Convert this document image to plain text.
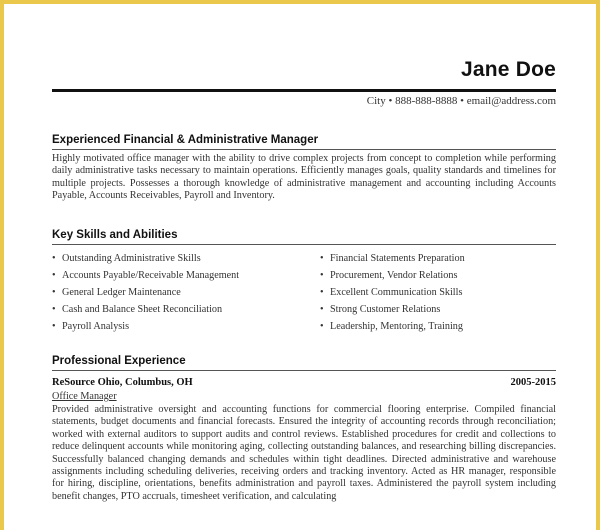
Jane Doe
City • 888-888-8888 • email@address.com
Experienced Financial & Administrative Manager

Highly motivated office manager with the ability to drive complex projects from concept to completion while performing daily administrative tasks necessary to maintain operations. Efficiently manages goals, quality standards and timelines for multiple projects. Possesses a thorough knowledge of administrative management and accounting including Accounts Payable, Accounts Receivables, Payroll and Inventory.

Key Skills and Abilities
• Outstanding Administrative Skills
• Accounts Payable/Receivable Management
• General Ledger Maintenance
• Cash and Balance Sheet Reconciliation
• Payroll Analysis
• Financial Statements Preparation
• Procurement, Vendor Relations
• Excellent Communication Skills
• Strong Customer Relations
• Leadership, Mentoring, Training
Professional Experience
ReSource Ohio, Columbus, OH	2005-2015
Office Manager

Provided administrative oversight and accounting functions for commercial flooring enterprise. Compiled financial statements, budget documents and financial forecasts. Ensured the integrity of accounting records through reconciliation; worked with external auditors to support audits and control reviews. Established procedures for credit and collections to reduce delinquent accounts while monitoring aging, collecting outstanding balances, and researching billing discrepancies. Successfully balanced changing demands and schedules within tight deadlines. Directed administrative and warehouse assignments including scheduling deliveries, receiving orders and tracking inventory. Acted as HR manager, responsible for hiring, discipline, orientations, benefits administration and payroll taxes. Administered the payroll system including benefit changes, PTO accruals, timesheet verification, and calculating
